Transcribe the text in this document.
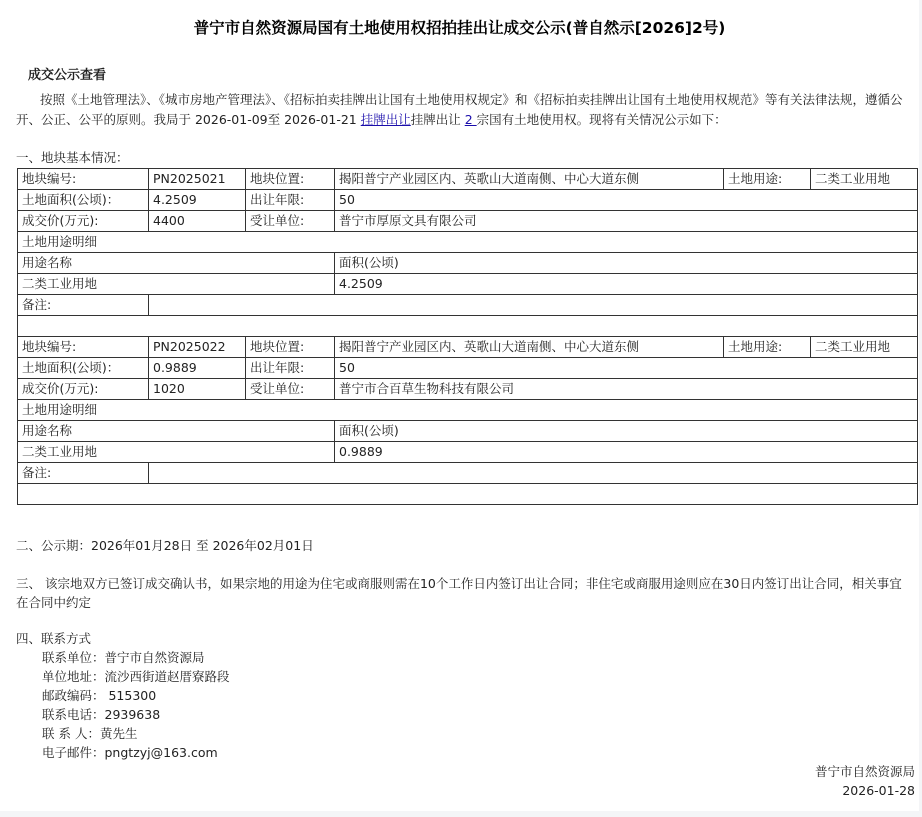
普宁市自然资源局国有土地使用权招拍挂出让成交公示(普自然示[2026]2号)
成交公示查看
按照《土地管理法》、《城市房地产管理法》、《招标拍卖挂牌出让国有土地使用权规定》和《招标拍卖挂牌出让国有土地使用权规范》等有关法律法规，遵循公开、公正、公平的原则。我局于 2026-01-09至 2026-01-21 挂牌出让挂牌出让 2 宗国有土地使用权。现将有关情况公示如下：
一、地块基本情况：
地块编号:	PN2025021	地块位置:	揭阳普宁产业园区内、英歌山大道南侧、中心大道东侧	土地用途:	二类工业用地
土地面积(公顷)：	4.2509	出让年限:	50		
成交价(万元):	4400	受让单位:	普宁市厚原文具有限公司		
土地用途明细					
用途名称			面积(公顷)		
二类工业用地			4.2509		
备注:					

地块编号:	PN2025022	地块位置:	揭阳普宁产业园区内、英歌山大道南侧、中心大道东侧	土地用途:	二类工业用地
土地面积(公顷)：	0.9889	出让年限:	50		
成交价(万元):	1020	受让单位:	普宁市合百草生物科技有限公司		
土地用途明细					
用途名称			面积(公顷)		
二类工业用地			0.9889		
备注:					

二、公示期：2026年01月28日 至 2026年02月01日
三、 该宗地双方已签订成交确认书，如果宗地的用途为住宅或商服则需在10个工作日内签订出让合同；非住宅或商服用途则应在30日内签订出让合同，相关事宜在合同中约定
四、联系方式
联系单位：普宁市自然资源局
单位地址：流沙西街道赵厝寮路段
邮政编码： 515300
联系电话：2939638
联 系 人：黄先生
电子邮件：pngtzyj@163.com
普宁市自然资源局
2026-01-28
